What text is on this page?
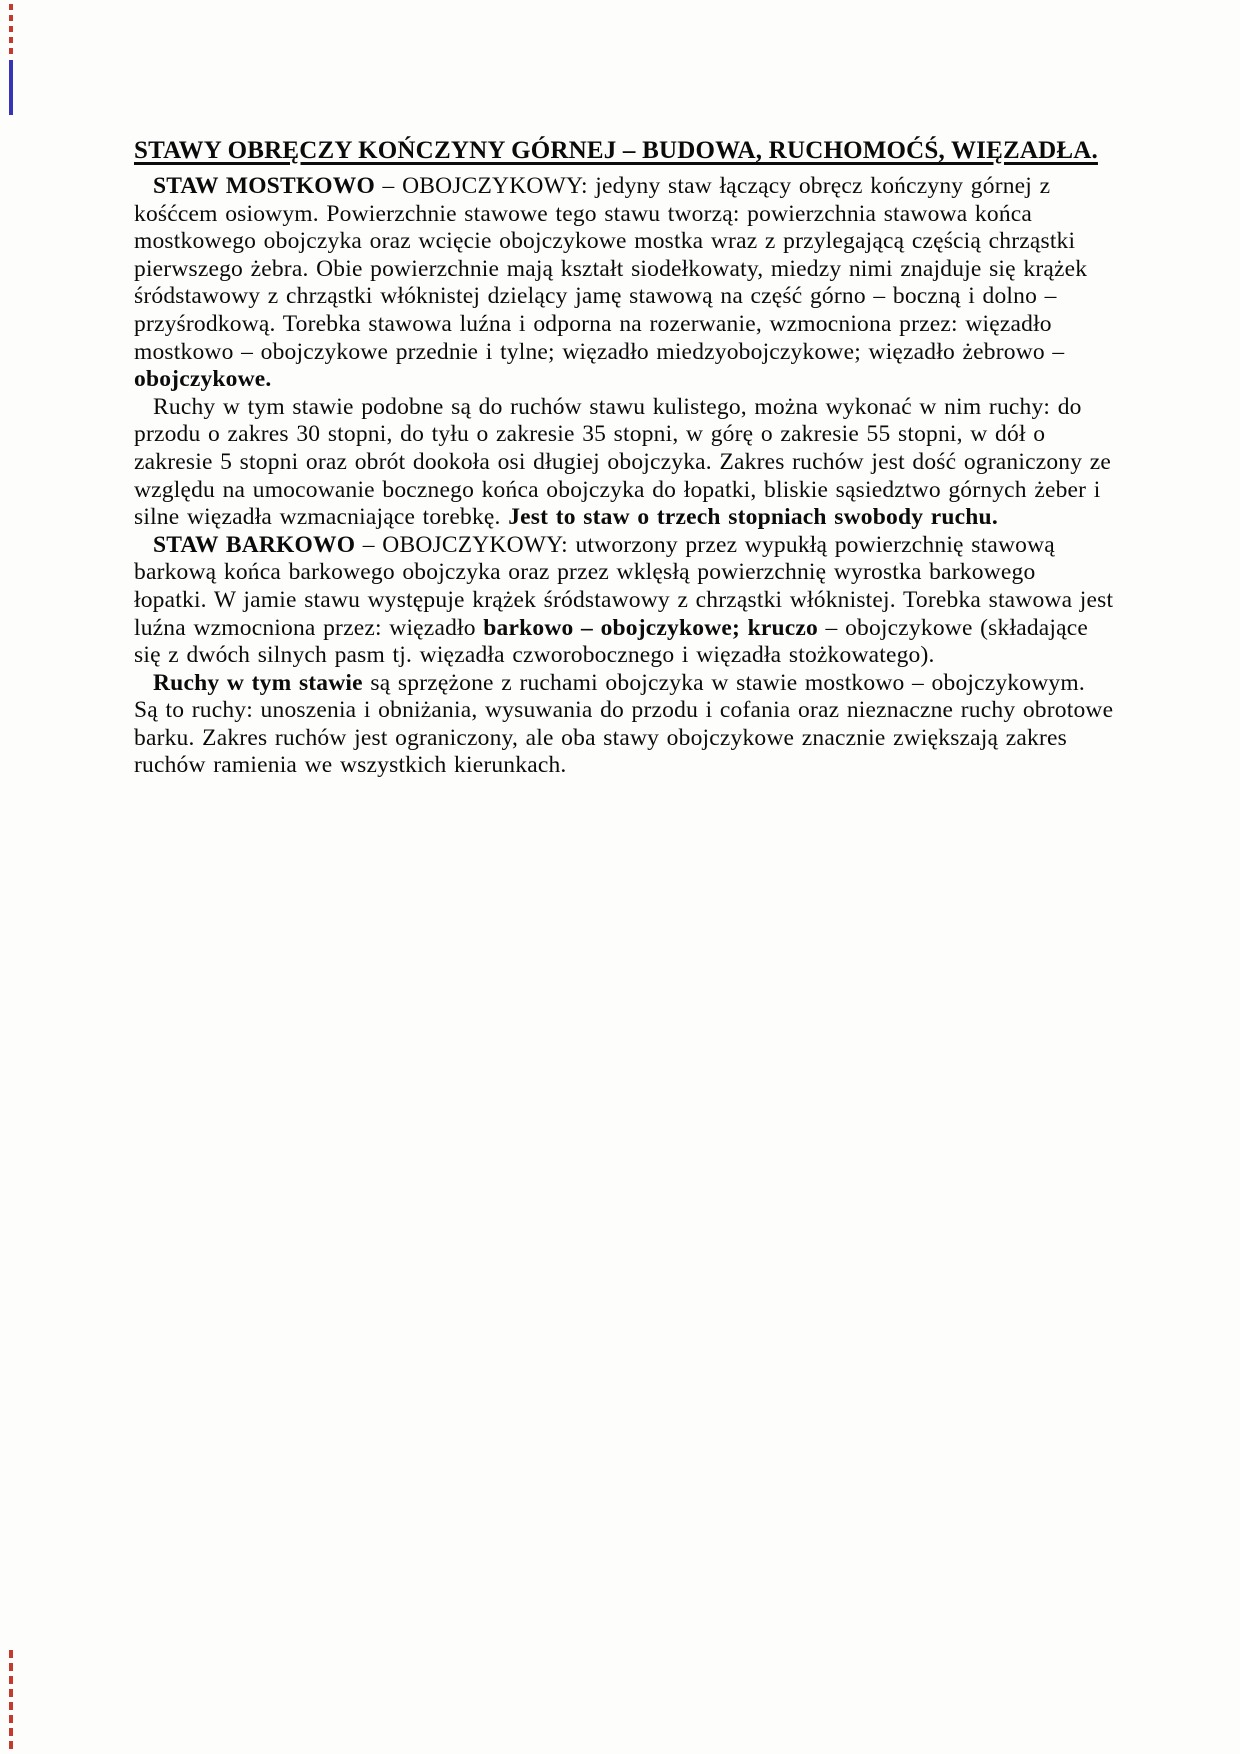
STAWY OBRĘCZY KOŃCZYNY GÓRNEJ – BUDOWA, RUCHOMOĆŚ, WIĘZADŁA.

STAW MOSTKOWO – OBOJCZYKOWY: jedyny staw łączący obręcz kończyny górnej z kośćcem osiowym. Powierzchnie stawowe tego stawu tworzą: powierzchnia stawowa końca mostkowego obojczyka oraz wcięcie obojczykowe mostka wraz z przylegającą częścią chrząstki pierwszego żebra. Obie powierzchnie mają kształt siodełkowaty, miedzy nimi znajduje się krążek śródstawowy z chrząstki włóknistej dzielący jamę stawową na część górno – boczną i dolno – przyśrodkową. Torebka stawowa luźna i odporna na rozerwanie, wzmocniona przez: więzadło mostkowo – obojczykowe przednie i tylne; więzadło miedzyobojczykowe; więzadło żebrowo – obojczykowe.

Ruchy w tym stawie podobne są do ruchów stawu kulistego, można wykonać w nim ruchy: do przodu o zakres 30 stopni, do tyłu o zakresie 35 stopni, w górę o zakresie 55 stopni, w dół o zakresie 5 stopni oraz obrót dookoła osi długiej obojczyka. Zakres ruchów jest dość ograniczony ze względu na umocowanie bocznego końca obojczyka do łopatki, bliskie sąsiedztwo górnych żeber i silne więzadła wzmacniające torebkę. Jest to staw o trzech stopniach swobody ruchu.

STAW BARKOWO – OBOJCZYKOWY: utworzony przez wypukłą powierzchnię stawową barkową końca barkowego obojczyka oraz przez wklęsłą powierzchnię wyrostka barkowego łopatki. W jamie stawu występuje krążek śródstawowy z chrząstki włóknistej. Torebka stawowa jest luźna wzmocniona przez: więzadło barkowo – obojczykowe; kruczo – obojczykowe (składające się z dwóch silnych pasm tj. więzadła czworobocznego i więzadła stożkowatego).

Ruchy w tym stawie są sprzężone z ruchami obojczyka w stawie mostkowo – obojczykowym. Są to ruchy: unoszenia i obniżania, wysuwania do przodu i cofania oraz nieznaczne ruchy obrotowe barku. Zakres ruchów jest ograniczony, ale oba stawy obojczykowe znacznie zwiększają zakres ruchów ramienia we wszystkich kierunkach.
